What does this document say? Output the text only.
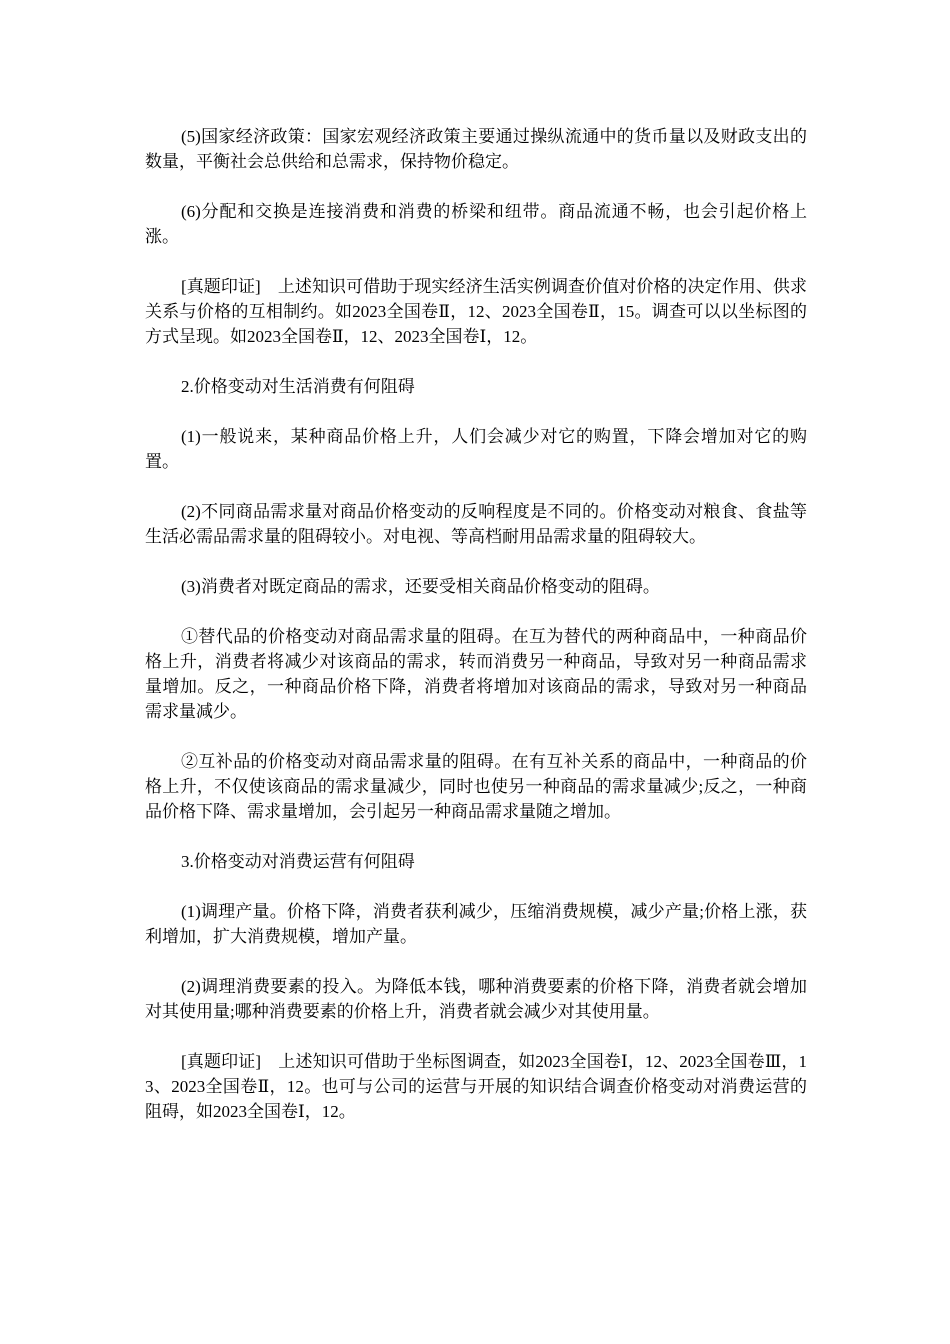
(5)国家经济政策：国家宏观经济政策主要通过操纵流通中的货币量以及财政支出的数量，平衡社会总供给和总需求，保持物价稳定。

(6)分配和交换是连接消费和消费的桥梁和纽带。商品流通不畅，也会引起价格上涨。

[真题印证]　上述知识可借助于现实经济生活实例调查价值对价格的决定作用、供求关系与价格的互相制约。如2023全国卷Ⅱ，12、2023全国卷Ⅱ，15。调查可以以坐标图的方式呈现。如2023全国卷Ⅱ，12、2023全国卷Ⅰ，12。

2.价格变动对生活消费有何阻碍

(1)一般说来，某种商品价格上升，人们会减少对它的购置，下降会增加对它的购置。

(2)不同商品需求量对商品价格变动的反响程度是不同的。价格变动对粮食、食盐等生活必需品需求量的阻碍较小。对电视、等高档耐用品需求量的阻碍较大。

(3)消费者对既定商品的需求，还要受相关商品价格变动的阻碍。

①替代品的价格变动对商品需求量的阻碍。在互为替代的两种商品中，一种商品价格上升，消费者将减少对该商品的需求，转而消费另一种商品，导致对另一种商品需求量增加。反之，一种商品价格下降，消费者将增加对该商品的需求，导致对另一种商品需求量减少。

②互补品的价格变动对商品需求量的阻碍。在有互补关系的商品中，一种商品的价格上升，不仅使该商品的需求量减少，同时也使另一种商品的需求量减少;反之，一种商品价格下降、需求量增加，会引起另一种商品需求量随之增加。

3.价格变动对消费运营有何阻碍

(1)调理产量。价格下降，消费者获利减少，压缩消费规模，减少产量;价格上涨，获利增加，扩大消费规模，增加产量。

(2)调理消费要素的投入。为降低本钱，哪种消费要素的价格下降，消费者就会增加对其使用量;哪种消费要素的价格上升，消费者就会减少对其使用量。

[真题印证]　上述知识可借助于坐标图调查，如2023全国卷Ⅰ，12、2023全国卷Ⅲ，13、2023全国卷Ⅱ，12。也可与公司的运营与开展的知识结合调查价格变动对消费运营的阻碍，如2023全国卷Ⅰ，12。
